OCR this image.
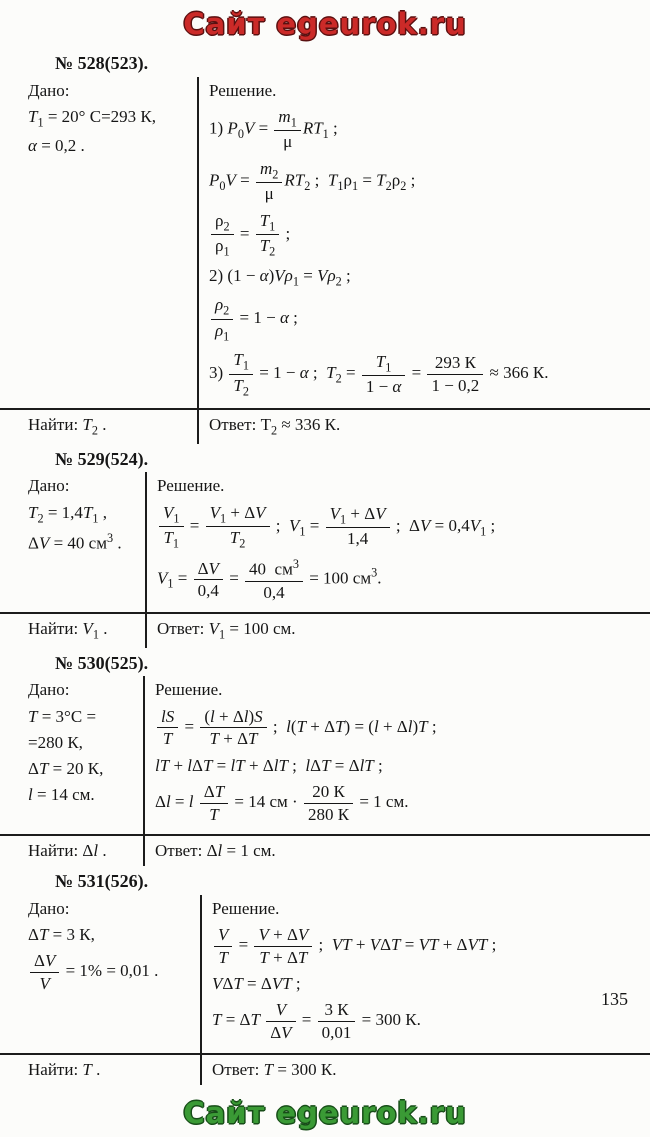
Сайт egeurok.ru
№ 528(523).
Дано:
$T_1 = 20^\circ$ С=293 К,
α = 0,2 .
Решение.
1) $P_0V = \frac{m_1}{\mu} RT_1$ ;
$P_0V = \frac{m_2}{\mu} RT_2$ ;  $T_1\rho_1 = T_2\rho_2$ ;
$\frac{\rho_2}{\rho_1} = \frac{T_1}{T_2}$ ;
2) $(1 - \alpha)V\rho_1 = V\rho_2$ ;
$\frac{\rho_2}{\rho_1} = 1 - \alpha$ ;
$3) \frac{T_1}{T_2} = 1 - \alpha$ ;  $T_2 = \frac{T_1}{1 - \alpha}$ =
293 К
1 − 0,2
≈ 366 К.
Найти: $T_2$ .	Ответ: $Т_2 \approx 336$ К.
№ 529(524).
Дано:
$T_2 = 1,4T_1$ ,
ΔV = 40 $см^3$ .
Решение.
$\frac{V_1}{T_1} = \frac{V_1 + \Delta V}{T_2}$ ;  $V_1 = \frac{V_1 + \Delta V}{1,4}$ ;  $\Delta V = 0,4V_1$ ;
$V_1 = \frac{\Delta V}{0,4} = 40$  $см^3$
0,4
= 100 $см^3$.
Найти: $V_1$ .	Ответ: $V_1 = 100$ см.
№ 530(525).
Дано:
T = 3°С =
=280 К,
ΔT = 20 К,
l = 14 см.
Решение.
$\frac{lS}{T} = \frac{(l + \Delta l)S}{T + \Delta T}$ ;  l(T + ΔT) = (l + Δl)T ;
lT + lΔT = lT + ΔlT ;  lΔT = ΔlT ;
Δl = l $\frac{\Delta T}{T} = 14$ см ·
20 К
280 К
= 1 см.
Найти: Δl .	Ответ: Δl = 1 см.
№ 531(526).
Дано:
ΔT = 3 К,
$\frac{\Delta V}{V} = 1\% = 0,01$ .
Решение.
$\frac{V}{T} = \frac{V + \Delta V}{T + \Delta T}$ ;  VT + VΔT = VT + ΔVT ;
VΔT = ΔVT ;
T = ΔT $\frac{V}{\Delta V}$ =
3 К
0,01
= 300 К.
Найти: T .	Ответ: T = 300 К.
135
Сайт egeurok.ru
